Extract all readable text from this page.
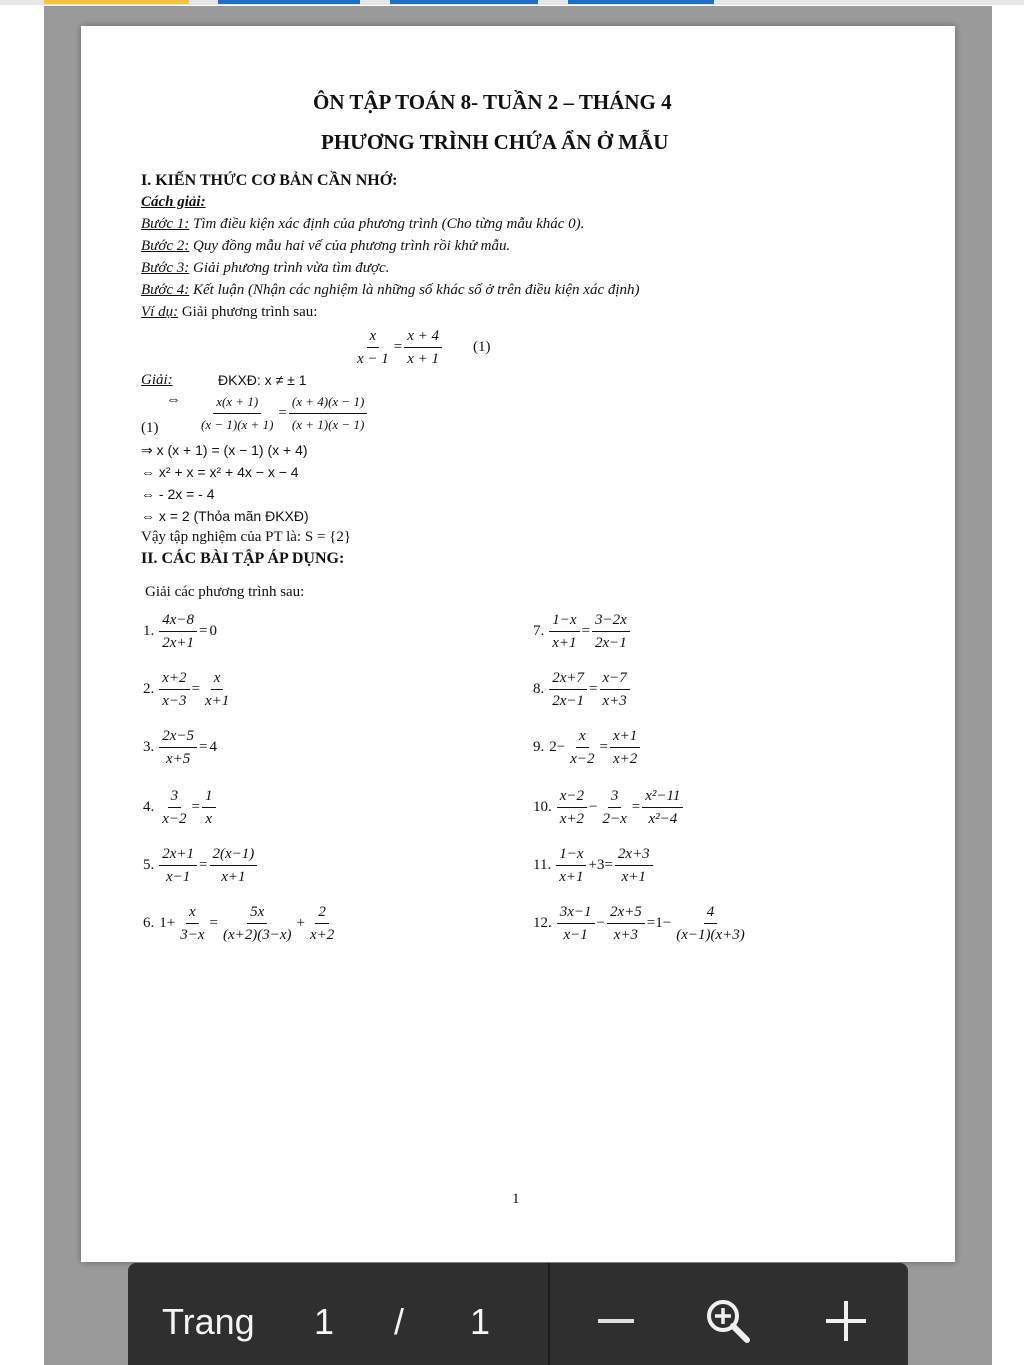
ÔN TẬP TOÁN 8- TUẦN 2 – THÁNG 4
PHƯƠNG TRÌNH CHỨA ẨN Ở MẪU
I. KIẾN THỨC CƠ BẢN CẦN NHỚ:
Cách giải:
Bước 1: Tìm điều kiện xác định của phương trình (Cho từng mẫu khác 0).
Bước 2: Quy đồng mẫu hai vế của phương trình rồi khử mẫu.
Bước 3: Giải phương trình vừa tìm được.
Bước 4: Kết luận (Nhận các nghiệm là những số khác số ở trên điều kiện xác định)
Ví dụ: Giải phương trình sau:
$\frac{x}{x - 1} = \frac{x + 4}{x + 1} (1)$
Giải:	ĐKXĐ: x ≠ ± 1
(1)
⇔ $\frac{x(x + 1)}{(x - 1)(x + 1)} = \frac{(x + 4)(x - 1)}{(x + 1)(x - 1)}$
⇒ x (x + 1) = (x − 1) (x + 4)
⇔ x² + x = x² + 4x − x − 4
⇔ - 2x = - 4
⇔ x = 2 (Thỏa mãn ĐKXĐ)
Vậy tập nghiệm của PT là: S = {2}
II. CÁC BÀI TẬP ÁP DỤNG:
Giải các phương trình sau:
1. $\frac{4x-8}{2x+1} = 0$
2. $\frac{x+2}{x-3} = \frac{x}{x+1}$
3. $\frac{2x-5}{x+5} = 4$
4. $\frac{3}{x-2} = \frac{1}{x}$
5. $\frac{2x+1}{x-1} = \frac{2(x-1)}{x+1}$
6. $1+ \frac{x}{3-x} = \frac{5x}{(x+2)(3-x)} + \frac{2}{x+2}$
7. $\frac{1-x}{x+1} = \frac{3-2x}{2x-1}$
8. $\frac{2x+7}{2x-1} = \frac{x-7}{x+3}$
9. $2- \frac{x}{x-2} = \frac{x+1}{x+2}$
10. $\frac{x-2}{x+2} - \frac{3}{2-x} = \frac{\text{x²−11}}{\text{x²−4}}$
11. $\frac{1-x}{x+1} +3= \frac{2x+3}{x+1}$
12. $\frac{3x-1}{x-1} - \frac{2x+5}{x+3} =1- \frac{4}{(x-1)(x+3)}$
1
Trang 1 / 1
